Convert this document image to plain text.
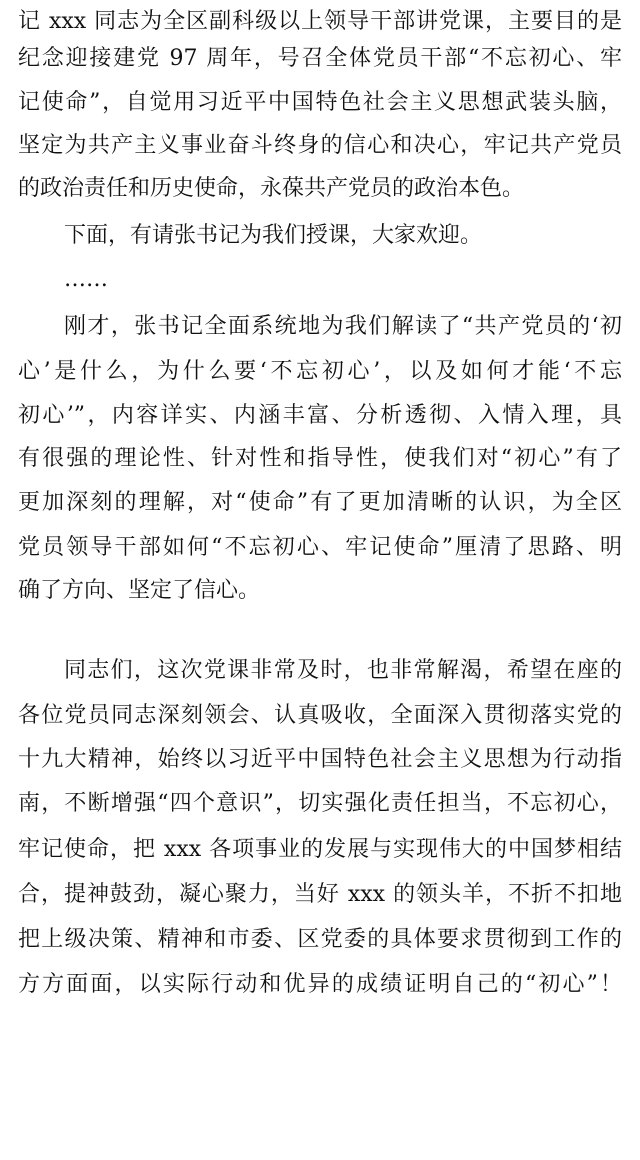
记 xxx 同志为全区副科级以上领导干部讲党课，主要目的是
纪念迎接建党 97 周年，号召全体党员干部“不忘初心、牢
记使命”，自觉用习近平中国特色社会主义思想武装头脑，
坚定为共产主义事业奋斗终身的信心和决心，牢记共产党员
的政治责任和历史使命，永葆共产党员的政治本色。
下面，有请张书记为我们授课，大家欢迎。
……
刚才，张书记全面系统地为我们解读了“共产党员的‘初
心’是什么，为什么要‘不忘初心’，以及如何才能‘不忘
初心’”，内容详实、内涵丰富、分析透彻、入情入理，具
有很强的理论性、针对性和指导性，使我们对“初心”有了
更加深刻的理解，对“使命”有了更加清晰的认识，为全区
党员领导干部如何“不忘初心、牢记使命”厘清了思路、明
确了方向、坚定了信心。
同志们，这次党课非常及时，也非常解渴，希望在座的
各位党员同志深刻领会、认真吸收，全面深入贯彻落实党的
十九大精神，始终以习近平中国特色社会主义思想为行动指
南，不断增强“四个意识”，切实强化责任担当，不忘初心，
牢记使命，把 xxx 各项事业的发展与实现伟大的中国梦相结
合，提神鼓劲，凝心聚力，当好 xxx 的领头羊，不折不扣地
把上级决策、精神和市委、区党委的具体要求贯彻到工作的
方方面面，以实际行动和优异的成绩证明自己的“初心”！
